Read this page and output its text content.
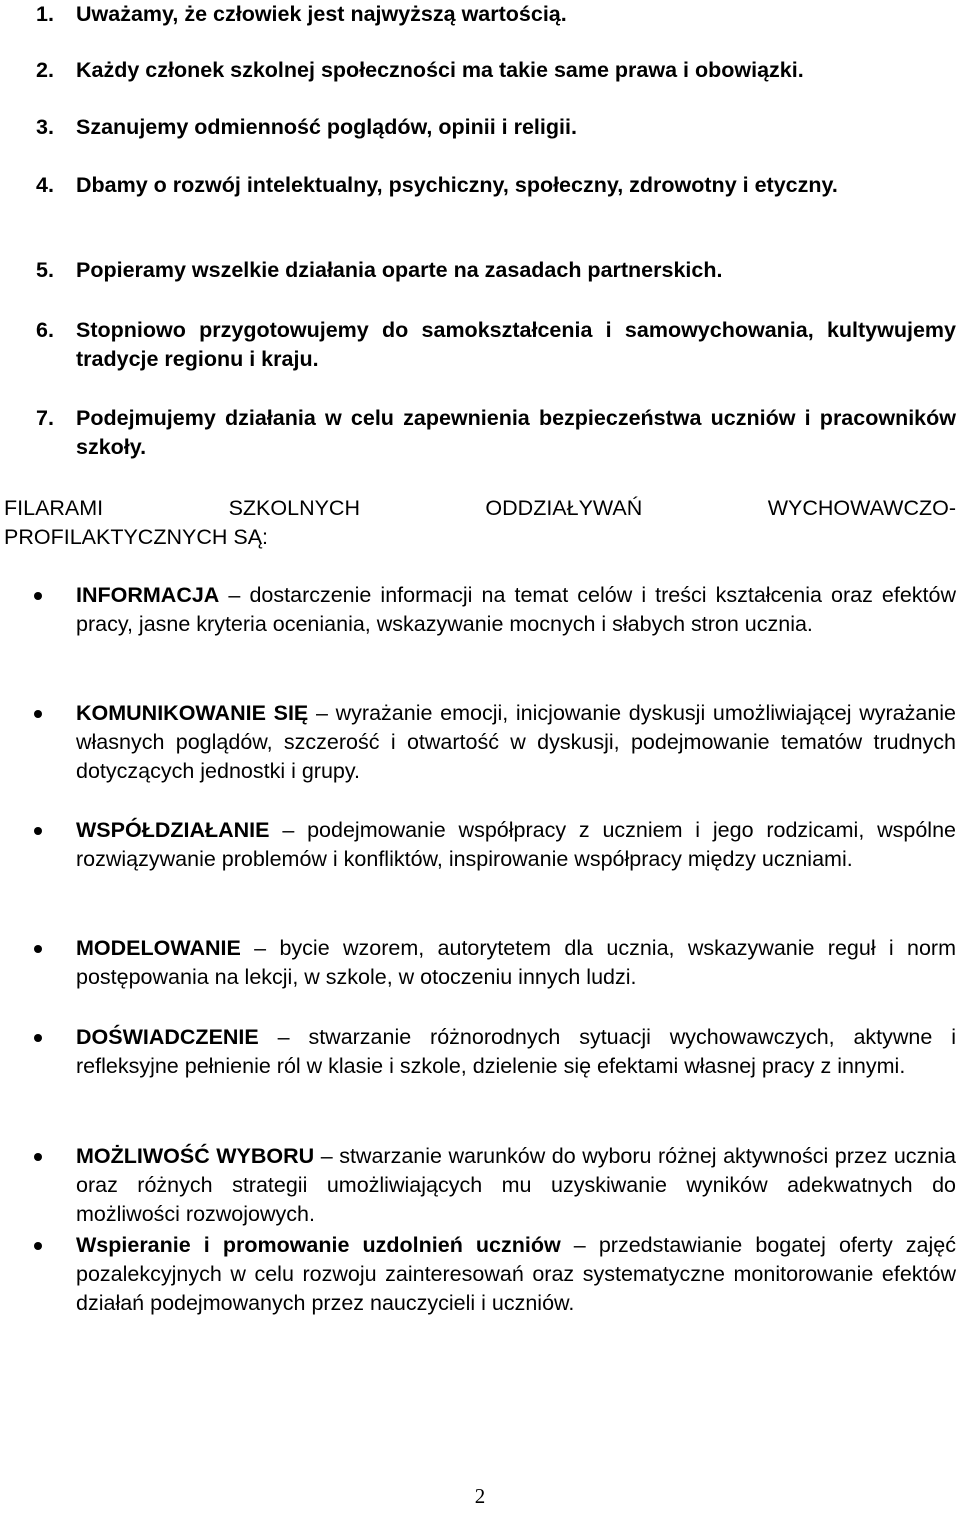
1. Uważamy, że człowiek jest najwyższą wartością.
2. Każdy członek szkolnej społeczności ma takie same prawa i obowiązki.
3. Szanujemy odmienność poglądów, opinii i religii.
4. Dbamy o rozwój intelektualny, psychiczny, społeczny, zdrowotny i etyczny.
5. Popieramy wszelkie działania oparte na zasadach partnerskich.
6. Stopniowo przygotowujemy do samokształcenia i samowychowania, kultywujemy tradycje regionu i kraju.
7. Podejmujemy działania w celu zapewnienia bezpieczeństwa uczniów i pracowników szkoły.
FILARAMI SZKOLNYCH ODDZIAŁYWAŃ WYCHOWAWCZO-
PROFILAKTYCZNYCH SĄ:
INFORMACJA – dostarczenie informacji na temat celów i treści kształcenia oraz efektów pracy, jasne kryteria oceniania, wskazywanie mocnych i słabych stron ucznia.
KOMUNIKOWANIE SIĘ – wyrażanie emocji, inicjowanie dyskusji umożliwiającej wyrażanie własnych poglądów, szczerość i otwartość w dyskusji, podejmowanie tematów trudnych dotyczących jednostki i grupy.
WSPÓŁDZIAŁANIE – podejmowanie współpracy z uczniem i jego rodzicami, wspólne rozwiązywanie problemów i konfliktów, inspirowanie współpracy między uczniami.
MODELOWANIE – bycie wzorem, autorytetem dla ucznia, wskazywanie reguł i norm postępowania na lekcji, w szkole, w otoczeniu innych ludzi.
DOŚWIADCZENIE – stwarzanie różnorodnych sytuacji wychowawczych, aktywne i refleksyjne pełnienie ról w klasie i szkole, dzielenie się efektami własnej pracy z innymi.
MOŻLIWOŚĆ WYBORU – stwarzanie warunków do wyboru różnej aktywności przez ucznia oraz różnych strategii umożliwiających mu uzyskiwanie wyników adekwatnych do możliwości rozwojowych.
Wspieranie i promowanie uzdolnień uczniów – przedstawianie bogatej oferty zajęć pozalekcyjnych w celu rozwoju zainteresowań oraz systematyczne monitorowanie efektów działań podejmowanych przez nauczycieli i uczniów.
2
